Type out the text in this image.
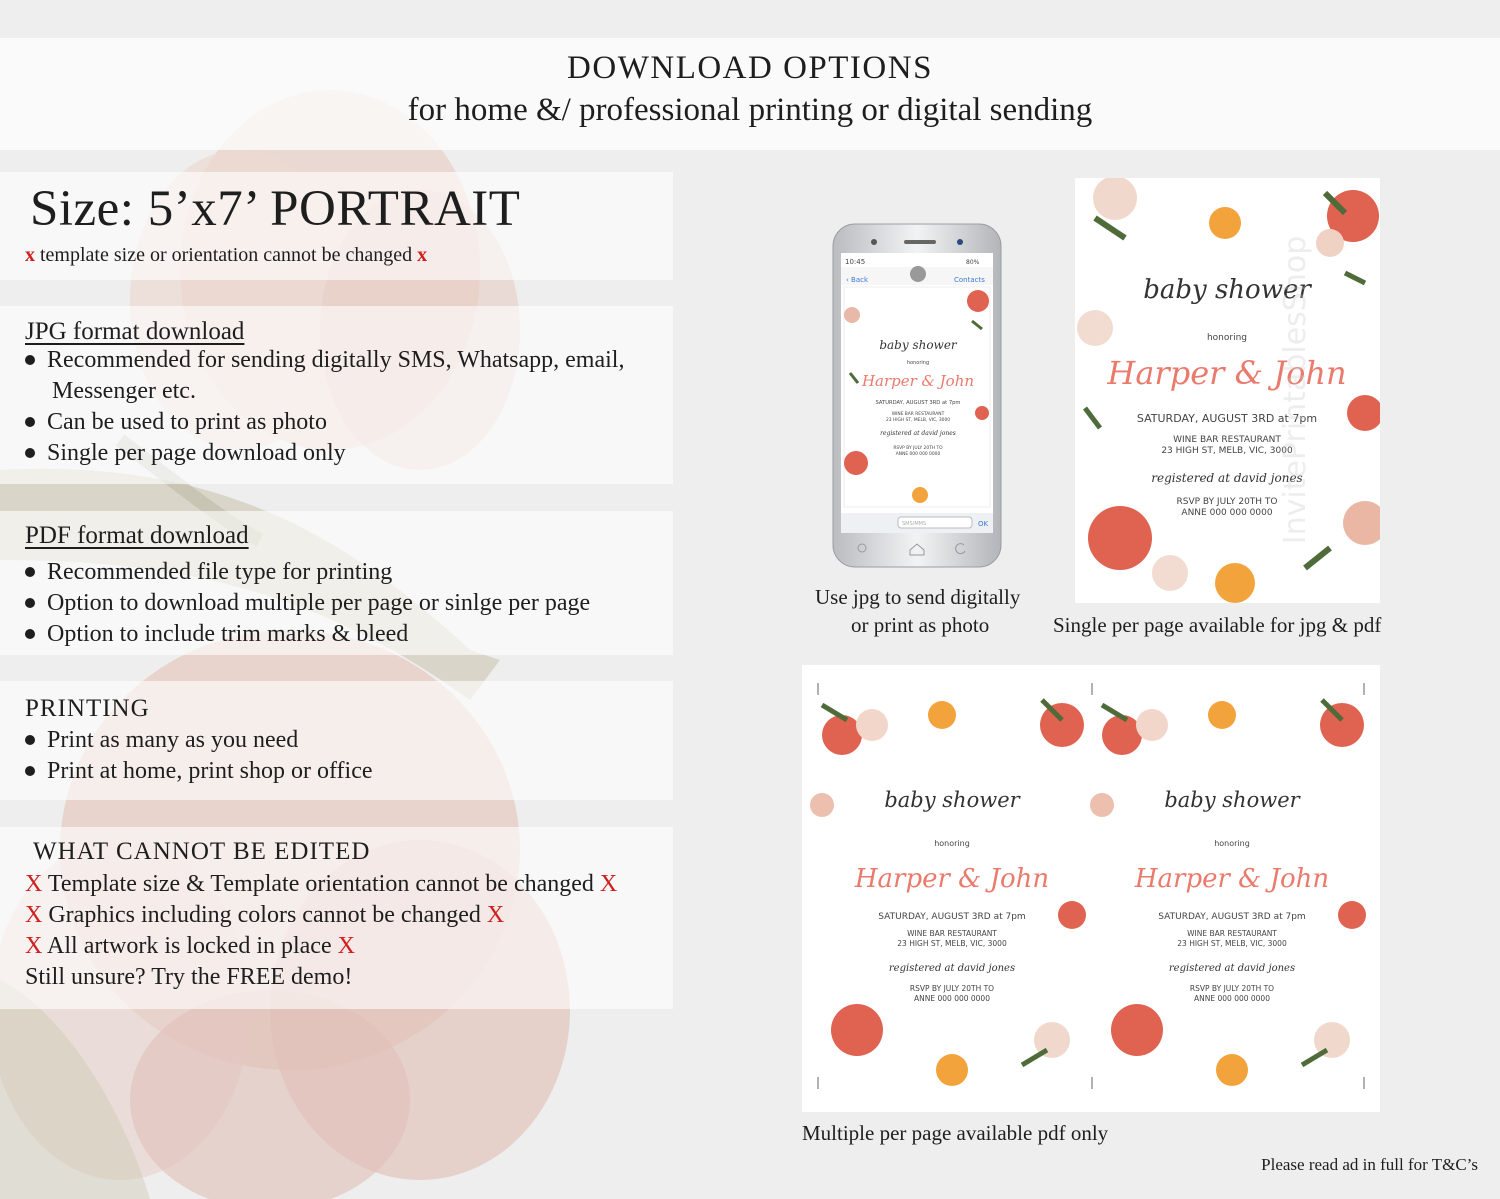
DOWNLOAD OPTIONS
for home &/ professional printing or digital sending
Size: 5’x7’ PORTRAIT
x template size or orientation cannot be changed x
JPG format download
Recommended for sending digitally SMS, Whatsapp, email,
Messenger etc.
Can be used to print as photo
Single per page download only
PDF format download
Recommended file type for printing
Option to download multiple per page or sinlge per page
Option to include trim marks & bleed
PRINTING
Print as many as you need
Print at home, print shop or office
WHAT CANNOT BE EDITED
X Template size & Template orientation cannot be changed X
X Graphics including colors cannot be changed X
X All artwork is locked in place X
Still unsure? Try the FREE demo!
10:45	80%
‹ Back	Contacts
baby shower
honoring
Harper & John
SATURDAY, AUGUST 3RD at 7pm
WINE BAR RESTAURANT
23 HIGH ST, MELB, VIC, 3000
registered at david jones
RSVP BY JULY 20TH TO
ANNE 000 000 0000
SMS/MMS	OK
baby shower
honoring
Harper & John
SATURDAY, AUGUST 3RD at 7pm
WINE BAR RESTAURANT
23 HIGH ST, MELB, VIC, 3000
registered at david jones
RSVP BY JULY 20TH TO
ANNE 000 000 0000 InvitePrintablesShop
baby shower
honoring
Harper & John
SATURDAY, AUGUST 3RD at 7pm
WINE BAR RESTAURANT
23 HIGH ST, MELB, VIC, 3000
registered at david jones
RSVP BY JULY 20TH TO
ANNE 000 000 0000
baby shower
honoring
Harper & John
SATURDAY, AUGUST 3RD at 7pm
WINE BAR RESTAURANT
23 HIGH ST, MELB, VIC, 3000
registered at david jones
RSVP BY JULY 20TH TO
ANNE 000 000 0000
Use jpg to send digitally
or print as photo	Single per page available for jpg & pdf
Multiple per page available pdf only
Please read ad in full for T&C’s
